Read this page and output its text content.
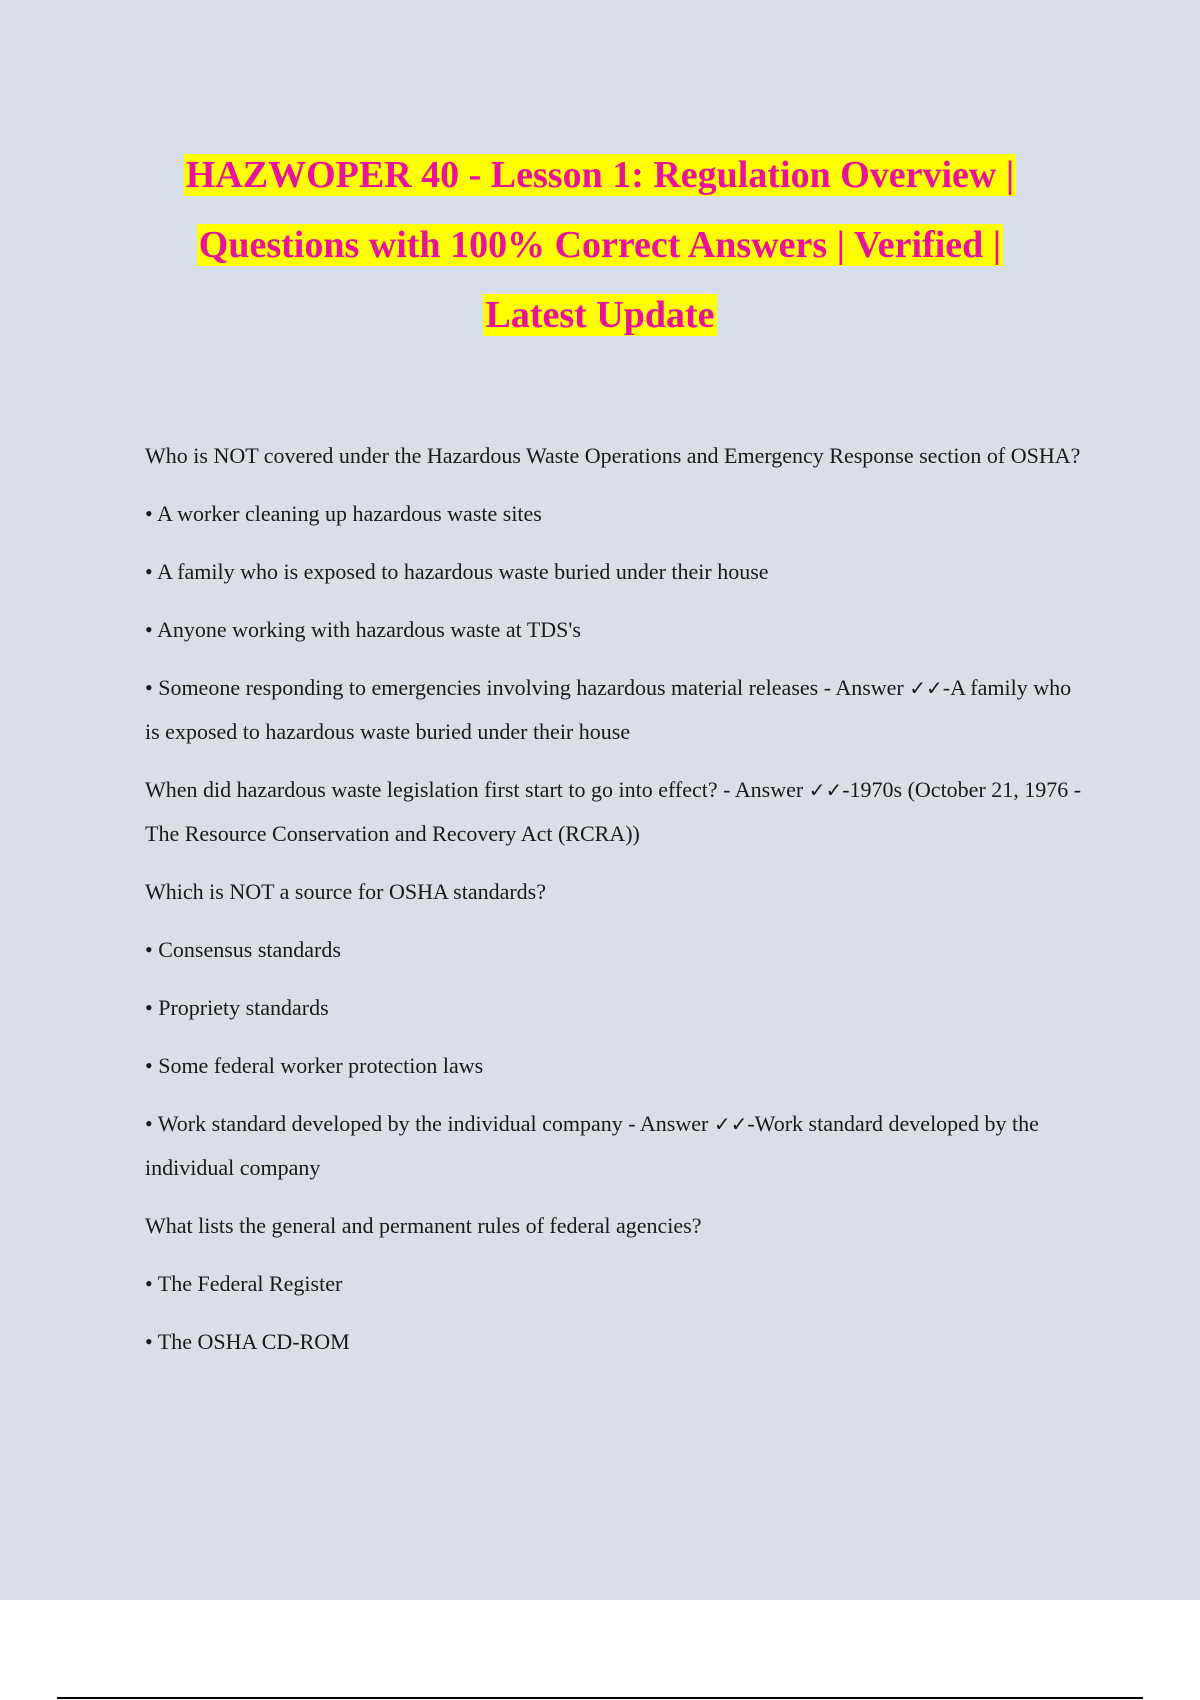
HAZWOPER 40 - Lesson 1: Regulation Overview |
Questions with 100% Correct Answers | Verified |
Latest Update

Who is NOT covered under the Hazardous Waste Operations and Emergency Response section of OSHA?

• A worker cleaning up hazardous waste sites

• A family who is exposed to hazardous waste buried under their house

• Anyone working with hazardous waste at TDS's

• Someone responding to emergencies involving hazardous material releases - Answer ✓✓-A family who is exposed to hazardous waste buried under their house

When did hazardous waste legislation first start to go into effect? - Answer ✓✓-1970s (October 21, 1976 - The Resource Conservation and Recovery Act (RCRA))

Which is NOT a source for OSHA standards?

• Consensus standards

• Propriety standards

• Some federal worker protection laws

• Work standard developed by the individual company - Answer ✓✓-Work standard developed by the individual company

What lists the general and permanent rules of federal agencies?

• The Federal Register

• The OSHA CD-ROM
